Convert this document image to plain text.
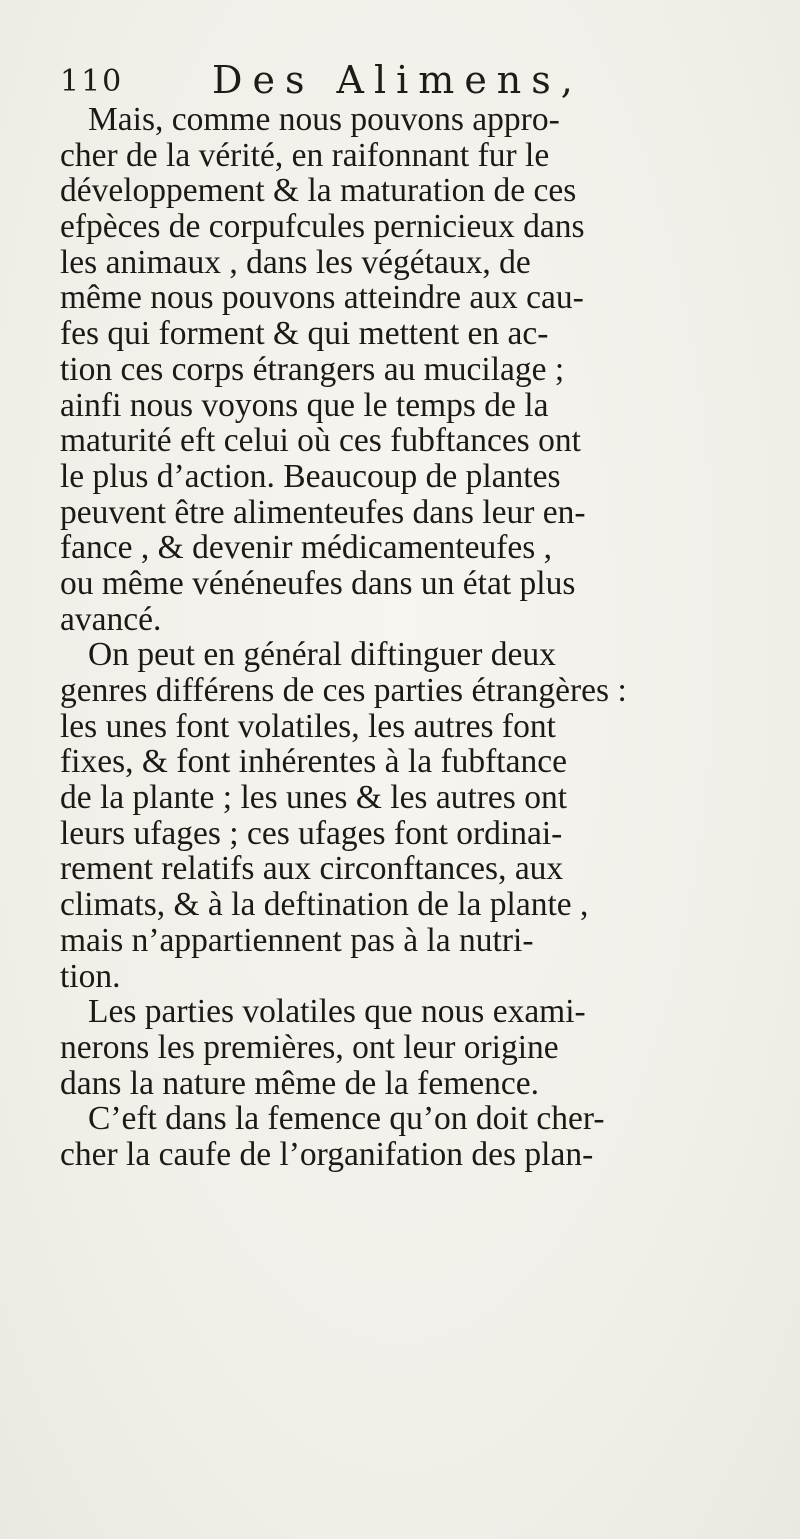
110 Des Alimens,
Mais, comme nous pouvons appro-
cher de la vérité, en raifonnant fur le
développement & la maturation de ces
efpèces de corpufcules pernicieux dans
les animaux , dans les végétaux, de
même nous pouvons atteindre aux cau-
fes qui forment & qui mettent en ac-
tion ces corps étrangers au mucilage ;
ainfi nous voyons que le temps de la
maturité eft celui où ces fubftances ont
le plus d’action. Beaucoup de plantes
peuvent être alimenteufes dans leur en-
fance , & devenir médicamenteufes ,
ou même vénéneufes dans un état plus
avancé.
On peut en général diftinguer deux
genres différens de ces parties étrangères :
les unes font volatiles, les autres font
fixes, & font inhérentes à la fubftance
de la plante ; les unes & les autres ont
leurs ufages ; ces ufages font ordinai-
rement relatifs aux circonftances, aux
climats, & à la deftination de la plante ,
mais n’appartiennent pas à la nutri-
tion.
Les parties volatiles que nous exami-
nerons les premières, ont leur origine
dans la nature même de la femence.
C’eft dans la femence qu’on doit cher-
cher la caufe de l’organifation des plan-
